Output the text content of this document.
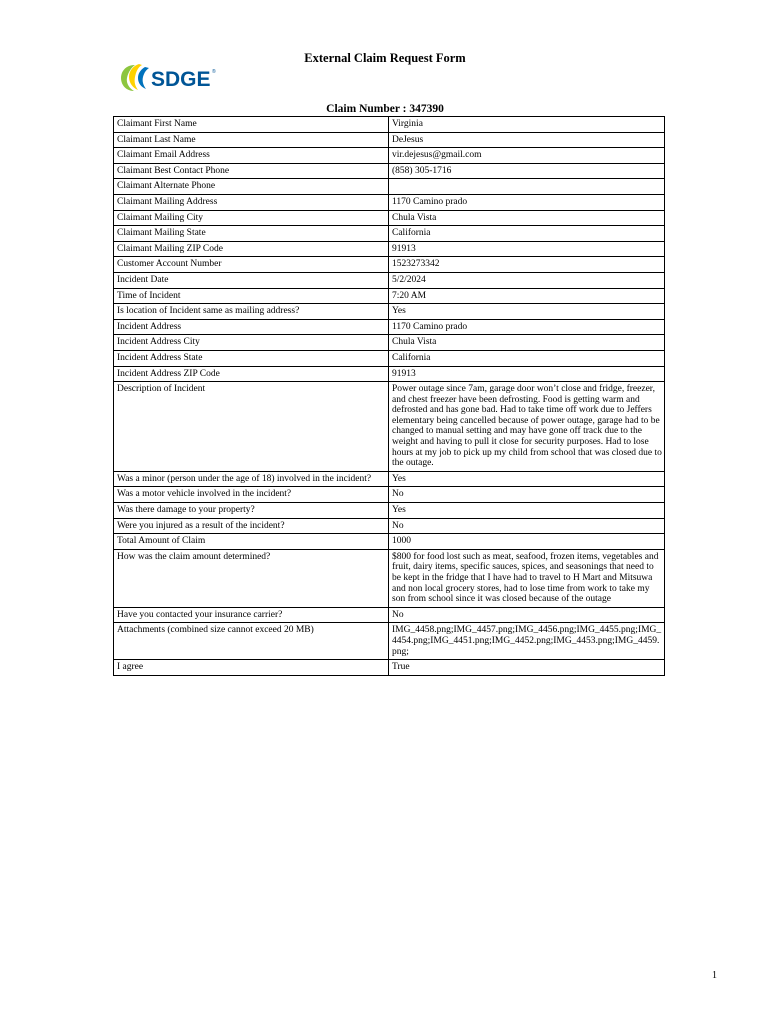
External Claim Request Form
SDGE ®
Claim Number : 347390
Claimant First Name	Virginia
Claimant Last Name	DeJesus
Claimant Email Address	vir.dejesus@gmail.com
Claimant Best Contact Phone	(858) 305-1716
Claimant Alternate Phone	
Claimant Mailing Address	1170 Camino prado
Claimant Mailing City	Chula Vista
Claimant Mailing State	California
Claimant Mailing ZIP Code	91913
Customer Account Number	1523273342
Incident Date	5/2/2024
Time of Incident	7:20 AM
Is location of Incident same as mailing address?	Yes
Incident Address	1170 Camino prado
Incident Address City	Chula Vista
Incident Address State	California
Incident Address ZIP Code	91913
Description of Incident	Power outage since 7am, garage door won’t close and fridge, freezer, and chest freezer have been defrosting. Food is getting warm and defrosted and has gone bad. Had to take time off work due to Jeffers elementary being cancelled because of power outage, garage had to be changed to manual setting and may have gone off track due to the weight and having to pull it close for security purposes. Had to lose hours at my job to pick up my child from school that was closed due to the outage.
Was a minor (person under the age of 18) involved in the incident?	Yes
Was a motor vehicle involved in the incident?	No
Was there damage to your property?	Yes
Were you injured as a result of the incident?	No
Total Amount of Claim	1000
How was the claim amount determined?	$800 for food lost such as meat, seafood, frozen items, vegetables and fruit, dairy items, specific sauces, spices, and seasonings that need to be kept in the fridge that I have had to travel to H Mart and Mitsuwa and non local grocery stores, had to lose time from work to take my son from school since it was closed because of the outage
Have you contacted your insurance carrier?	No
Attachments (combined size cannot exceed 20 MB)	IMG_4458.png;IMG_4457.png;IMG_4456.png;IMG_4455.png;IMG_4454.png;IMG_4451.png;IMG_4452.png;IMG_4453.png;IMG_4459.png;
I agree	True
1
